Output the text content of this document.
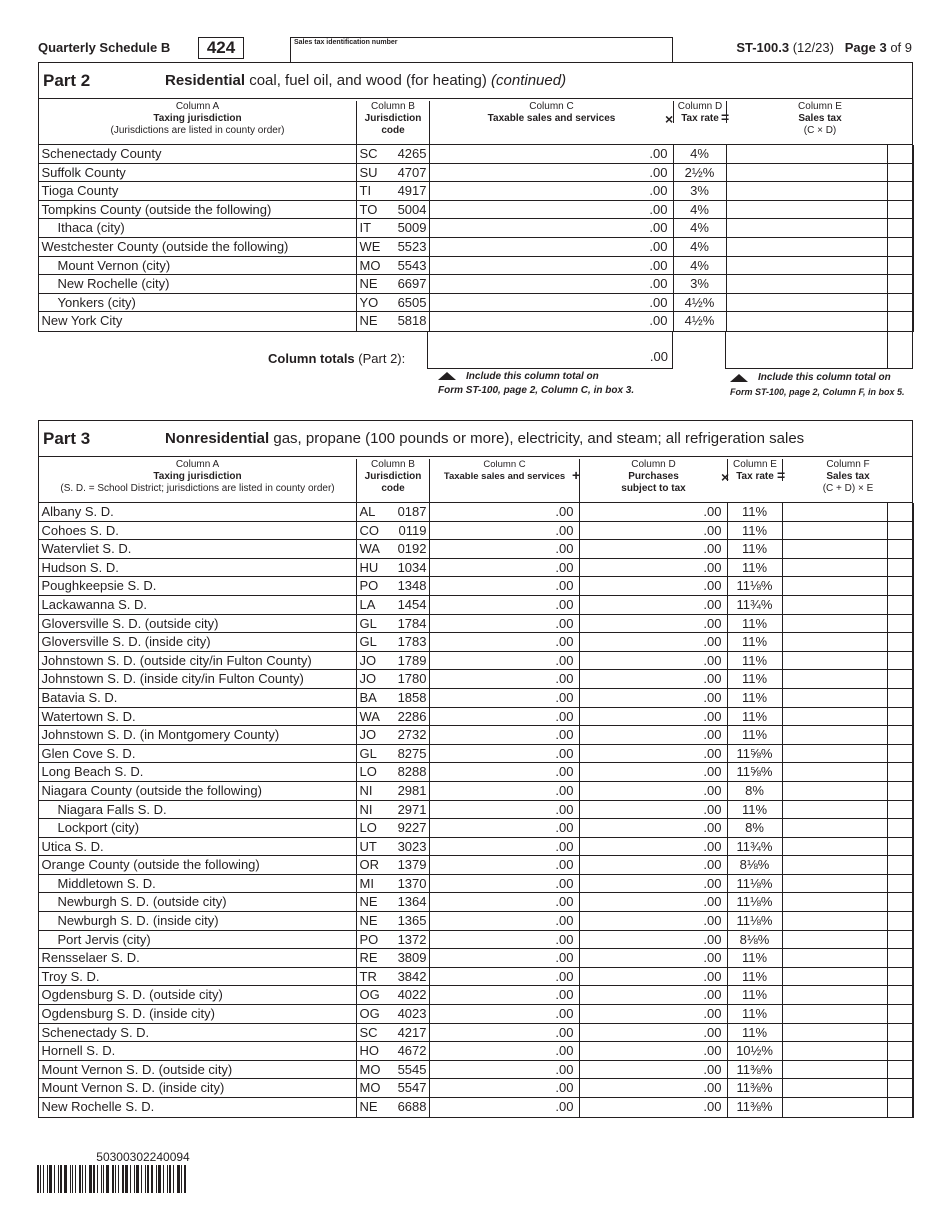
Quarterly Schedule B	424	Sales tax identification number	ST-100.3 (12/23) Page 3 of 9
Part 2	Residential coal, fuel oil, and wood (for heating) (continued)
Column A
Taxing jurisdiction
(Jurisdictions are listed in county order)
Column B
Jurisdiction code
Column C
Taxable sales and services
Column D
Tax rate
×	=
Column E
Sales tax
(C × D)
Schenectady County	SC	4265	.00	4%
Suffolk County	SU	4707	.00	2½%
Tioga County	TI	4917	.00	3%
Tompkins County (outside the following)	TO	5004	.00	4%
Ithaca (city)	IT	5009	.00	4%
Westchester County (outside the following)	WE	5523	.00	4%
Mount Vernon (city)	MO	5543	.00	4%
New Rochelle (city)	NE	6697	.00	3%
Yonkers (city)	YO	6505	.00	4½%
New York City	NE	5818	.00	4½%
Column totals (Part 2):	.00
Include this column total on
Form ST-100, page 2, Column C, in box 3.
Include this column total on
Form ST-100, page 2, Column F, in box 5.
Part 3	Nonresidential gas, propane (100 pounds or more), electricity, and steam; all refrigeration sales
Column A
Taxing jurisdiction
(S. D. = School District; jurisdictions are listed in county order)
Column B
Jurisdiction code
Column C
Taxable sales and services +
Column D
Purchases subject to tax
Column E
Tax rate
×	=
Column F
Sales tax
(C + D) × E
Albany S. D.	AL	0187	.00	.00	11%
Cohoes S. D.	CO	0119	.00	.00	11%
Watervliet S. D.	WA	0192	.00	.00	11%
Hudson S. D.	HU	1034	.00	.00	11%
Poughkeepsie S. D.	PO	1348	.00	.00	11⅛%
Lackawanna S. D.	LA	1454	.00	.00	11¾%
Gloversville S. D. (outside city)	GL	1784	.00	.00	11%
Gloversville S. D. (inside city)	GL	1783	.00	.00	11%
Johnstown S. D. (outside city/in Fulton County)	JO	1789	.00	.00	11%
Johnstown S. D. (inside city/in Fulton County)	JO	1780	.00	.00	11%
Batavia S. D.	BA	1858	.00	.00	11%
Watertown S. D.	WA	2286	.00	.00	11%
Johnstown S. D. (in Montgomery County)	JO	2732	.00	.00	11%
Glen Cove S. D.	GL	8275	.00	.00	11⅝%
Long Beach S. D.	LO	8288	.00	.00	11⅝%
Niagara County (outside the following)	NI	2981	.00	.00	8%
Niagara Falls S. D.	NI	2971	.00	.00	11%
Lockport (city)	LO	9227	.00	.00	8%
Utica S. D.	UT	3023	.00	.00	11¾%
Orange County (outside the following)	OR	1379	.00	.00	8⅛%
Middletown S. D.	MI	1370	.00	.00	11⅛%
Newburgh S. D. (outside city)	NE	1364	.00	.00	11⅛%
Newburgh S. D. (inside city)	NE	1365	.00	.00	11⅛%
Port Jervis (city)	PO	1372	.00	.00	8⅛%
Rensselaer S. D.	RE	3809	.00	.00	11%
Troy S. D.	TR	3842	.00	.00	11%
Ogdensburg S. D. (outside city)	OG	4022	.00	.00	11%
Ogdensburg S. D. (inside city)	OG	4023	.00	.00	11%
Schenectady S. D.	SC	4217	.00	.00	11%
Hornell S. D.	HO	4672	.00	.00	10½%
Mount Vernon S. D. (outside city)	MO	5545	.00	.00	11⅜%
Mount Vernon S. D. (inside city)	MO	5547	.00	.00	11⅜%
New Rochelle S. D.	NE	6688	.00	.00	11⅜%
50300302240094
